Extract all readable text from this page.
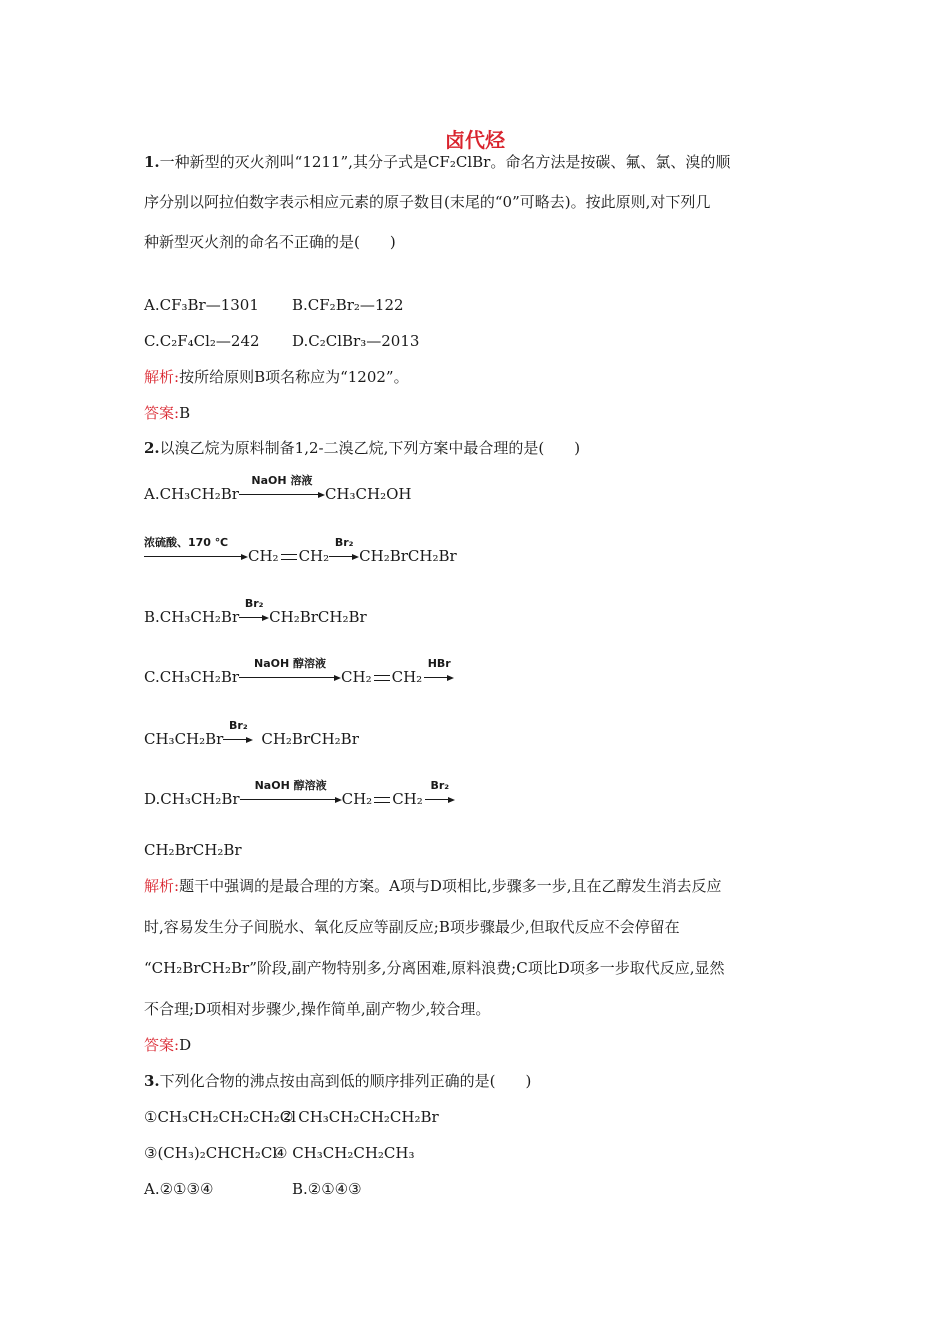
卤代烃
1.一种新型的灭火剂叫“1211”,其分子式是CF₂ClBr。命名方法是按碳、氟、氯、溴的顺
序分别以阿拉伯数字表示相应元素的原子数目(末尾的“0”可略去)。按此原则,对下列几
种新型灭火剂的命名不正确的是(　　)
A.CF₃Br—1301 B.CF₂Br₂—122
C.C₂F₄Cl₂—242 D.C₂ClBr₃—2013
解析:按所给原则B项名称应为“1202”。
答案:B
2.以溴乙烷为原料制备1,2-二溴乙烷,下列方案中最合理的是(　　)
A.CH₃CH₂Br
NaOH 溶液
CH₃CH₂OH
浓硫酸、170 ℃
CH₂ CH₂
Br₂
CH₂BrCH₂Br
B.CH₃CH₂Br
Br₂
CH₂BrCH₂Br
C.CH₃CH₂Br
NaOH 醇溶液
CH₂ CH₂
HBr
CH₃CH₂Br
Br₂
CH₂BrCH₂Br
D.CH₃CH₂Br
NaOH 醇溶液
CH₂ CH₂
Br₂
CH₂BrCH₂Br
解析:题干中强调的是最合理的方案。A项与D项相比,步骤多一步,且在乙醇发生消去反应
时,容易发生分子间脱水、氧化反应等副反应;B项步骤最少,但取代反应不会停留在
“CH₂BrCH₂Br”阶段,副产物特别多,分离困难,原料浪费;C项比D项多一步取代反应,显然
不合理;D项相对步骤少,操作简单,副产物少,较合理。
答案:D
3.下列化合物的沸点按由高到低的顺序排列正确的是(　　)
①CH₃CH₂CH₂CH₂Cl② CH₃CH₂CH₂CH₂Br
③(CH₃)₂CHCH₂Cl④ CH₃CH₂CH₂CH₃
A.②①③④	B.②①④③
